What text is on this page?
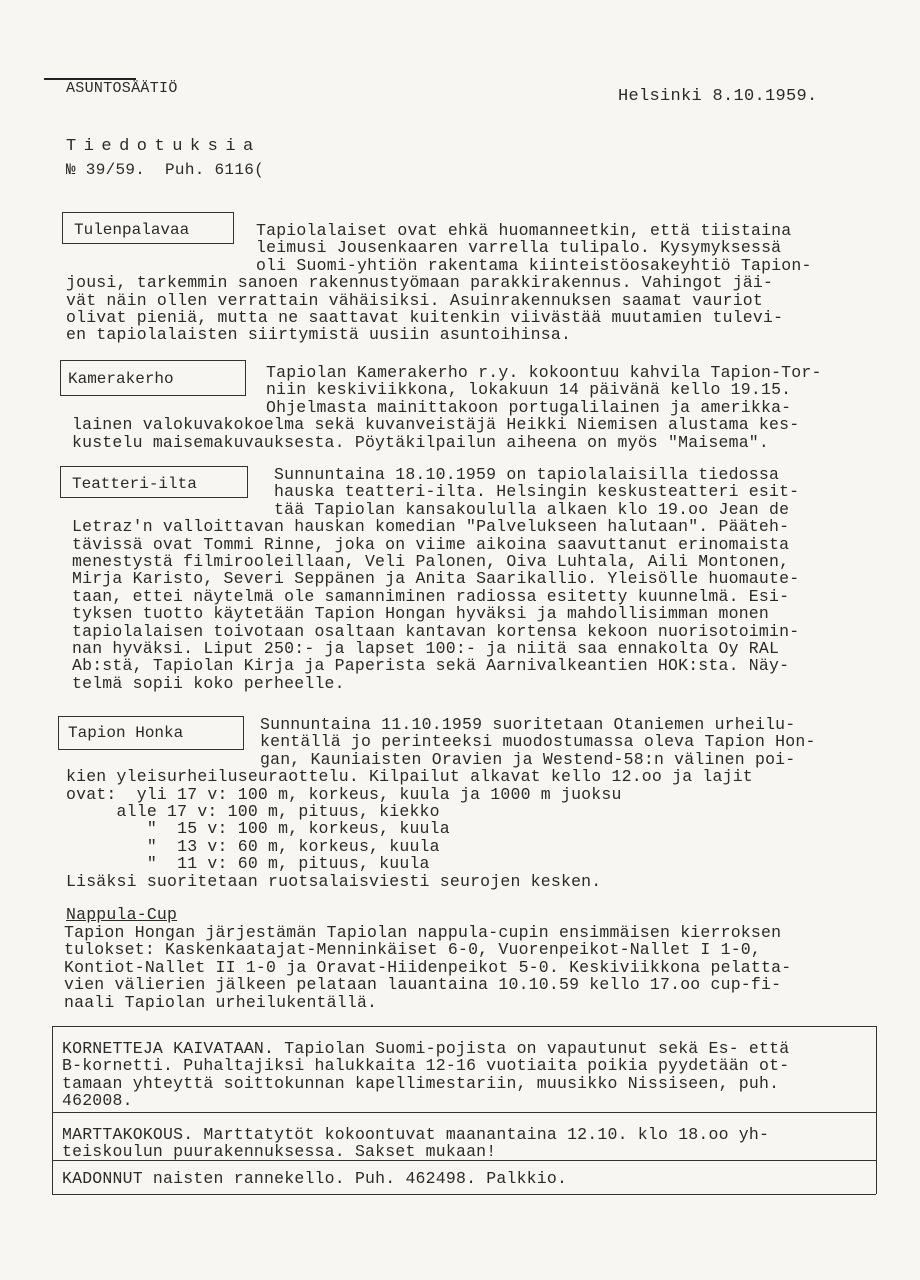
ASUNTOSÄÄTIÖ	Helsinki 8.10.1959.
Tiedotuksia
№ 39/59.  Puh. 6116(
Tulenpalavaa	Tapiolalaiset ovat ehkä huomanneetkin, että tiistaina
leimusi Jousenkaaren varrella tulipalo. Kysymyksessä
oli Suomi-yhtiön rakentama kiinteistöosakeyhtiö Tapion-
jousi, tarkemmin sanoen rakennustyömaan parakkirakennus. Vahingot jäi-
vät näin ollen verrattain vähäisiksi. Asuinrakennuksen saamat vauriot
olivat pieniä, mutta ne saattavat kuitenkin viivästää muutamien tulevi-
en tapiolalaisten siirtymistä uusiin asuntoihinsa.
Kamerakerho	Tapiolan Kamerakerho r.y. kokoontuu kahvila Tapion-Tor-
niin keskiviikkona, lokakuun 14 päivänä kello 19.15.
Ohjelmasta mainittakoon portugalilainen ja amerikka-
lainen valokuvakokoelma sekä kuvanveistäjä Heikki Niemisen alustama kes-
kustelu maisemakuvauksesta. Pöytäkilpailun aiheena on myös "Maisema".
Teatteri-ilta	Sunnuntaina 18.10.1959 on tapiolalaisilla tiedossa
hauska teatteri-ilta. Helsingin keskusteatteri esit-
tää Tapiolan kansakoululla alkaen klo 19.oo Jean de
Letraz'n valloittavan hauskan komedian "Palvelukseen halutaan". Pääteh-
tävissä ovat Tommi Rinne, joka on viime aikoina saavuttanut erinomaista
menestystä filmirooleillaan, Veli Palonen, Oiva Luhtala, Aili Montonen,
Mirja Karisto, Severi Seppänen ja Anita Saarikallio. Yleisölle huomaute-
taan, ettei näytelmä ole samanniminen radiossa esitetty kuunnelmä. Esi-
tyksen tuotto käytetään Tapion Hongan hyväksi ja mahdollisimman monen
tapiolalaisen toivotaan osaltaan kantavan kortensa kekoon nuorisotoimin-
nan hyväksi. Liput 250:- ja lapset 100:- ja niitä saa ennakolta Oy RAL
Ab:stä, Tapiolan Kirja ja Paperista sekä Aarnivalkeantien HOK:sta. Näy-
telmä sopii koko perheelle.
Tapion Honka	Sunnuntaina 11.10.1959 suoritetaan Otaniemen urheilu-
kentällä jo perinteeksi muodostumassa oleva Tapion Hon-
gan, Kauniaisten Oravien ja Westend-58:n välinen poi-
kien yleisurheiluseuraottelu. Kilpailut alkavat kello 12.oo ja lajit
ovat:  yli 17 v: 100 m, korkeus, kuula ja 1000 m juoksu
alle 17 v: 100 m, pituus, kiekko
"  15 v: 100 m, korkeus, kuula
"  13 v: 60 m, korkeus, kuula
"  11 v: 60 m, pituus, kuula
Lisäksi suoritetaan ruotsalaisviesti seurojen kesken.
Nappula-Cup
Tapion Hongan järjestämän Tapiolan nappula-cupin ensimmäisen kierroksen
tulokset: Kaskenkaatajat-Menninkäiset 6-0, Vuorenpeikot-Nallet I 1-0,
Kontiot-Nallet II 1-0 ja Oravat-Hiidenpeikot 5-0. Keskiviikkona pelatta-
vien välierien jälkeen pelataan lauantaina 10.10.59 kello 17.oo cup-fi-
naali Tapiolan urheilukentällä.
KORNETTEJA KAIVATAAN. Tapiolan Suomi-pojista on vapautunut sekä Es- että
B-kornetti. Puhaltajiksi halukkaita 12-16 vuotiaita poikia pyydetään ot-
tamaan yhteyttä soittokunnan kapellimestariin, muusikko Nissiseen, puh.
462008.
MARTTAKOKOUS. Marttatytöt kokoontuvat maanantaina 12.10. klo 18.oo yh-
teiskoulun puurakennuksessa. Sakset mukaan!
KADONNUT naisten rannekello. Puh. 462498. Palkkio.
